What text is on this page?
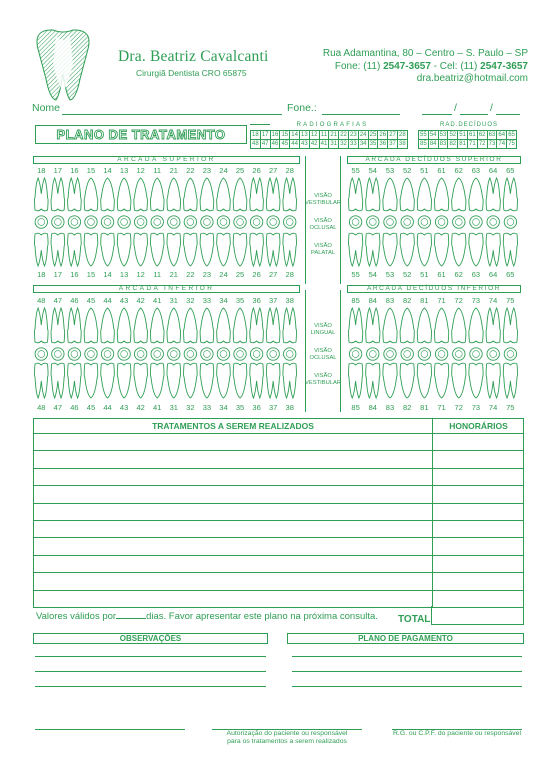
Dra. Beatriz Cavalcanti
Cirurgiã Dentista CRO 65875
Rua Adamantina, 80 – Centro – S. Paulo – SP
Fone: (11) 2547-3657 - Cel: (11) 2547-3657
dra.beatriz@hotmail.com
Nome	Fone.:	/	/
PLANO DE TRATAMENTO
RADIOGRAFIAS
18	17	16	15	14	13	12	11	21	22	23	24	25	26	27	28
48	47	46	45	44	43	42	41	31	32	33	34	35	36	37	38
RAD.DECÍDUOS
55	54	53	52	51	61	62	63	64	65
85	84	83	82	81	71	72	73	74	75
ARCADA SUPERIOR	ARCADA DECÍDUOS SUPERIOR
ARCADA INFERIOR	ARCADA DECÍDUOS INFERIOR
18	17	16	15	14	13	12	11	21	22	23	24	25	26	27	28
18	17	16	15	14	13	12	11	21	22	23	24	25	26	27	28
48	47	46	45	44	43	42	41	31	32	33	34	35	36	37	38
48	47	46	45	44	43	42	41	31	32	33	34	35	36	37	38
55	54	53	52	51	61	62	63	64	65
55	54	53	52	51	61	62	63	64	65
85	84	83	82	81	71	72	73	74	75
85	84	83	82	81	71	72	73	74	75
VISÃO VESTIBULAR
VISÃO OCLUSAL
VISÃO PALATAL
VISÃO LINGUAL
VISÃO OCLUSAL
VISÃO VESTIBULAR
TRATAMENTOS A SEREM REALIZADOS	HONORÁRIOS
Valores válidos por	dias. Favor apresentar este plano na próxima consulta. TOTAL
OBSERVAÇÕES	PLANO DE PAGAMENTO
Autorização do paciente ou responsável
para os tratamentos a serem realizados
R.G. ou C.P.F. do paciente ou responsável
